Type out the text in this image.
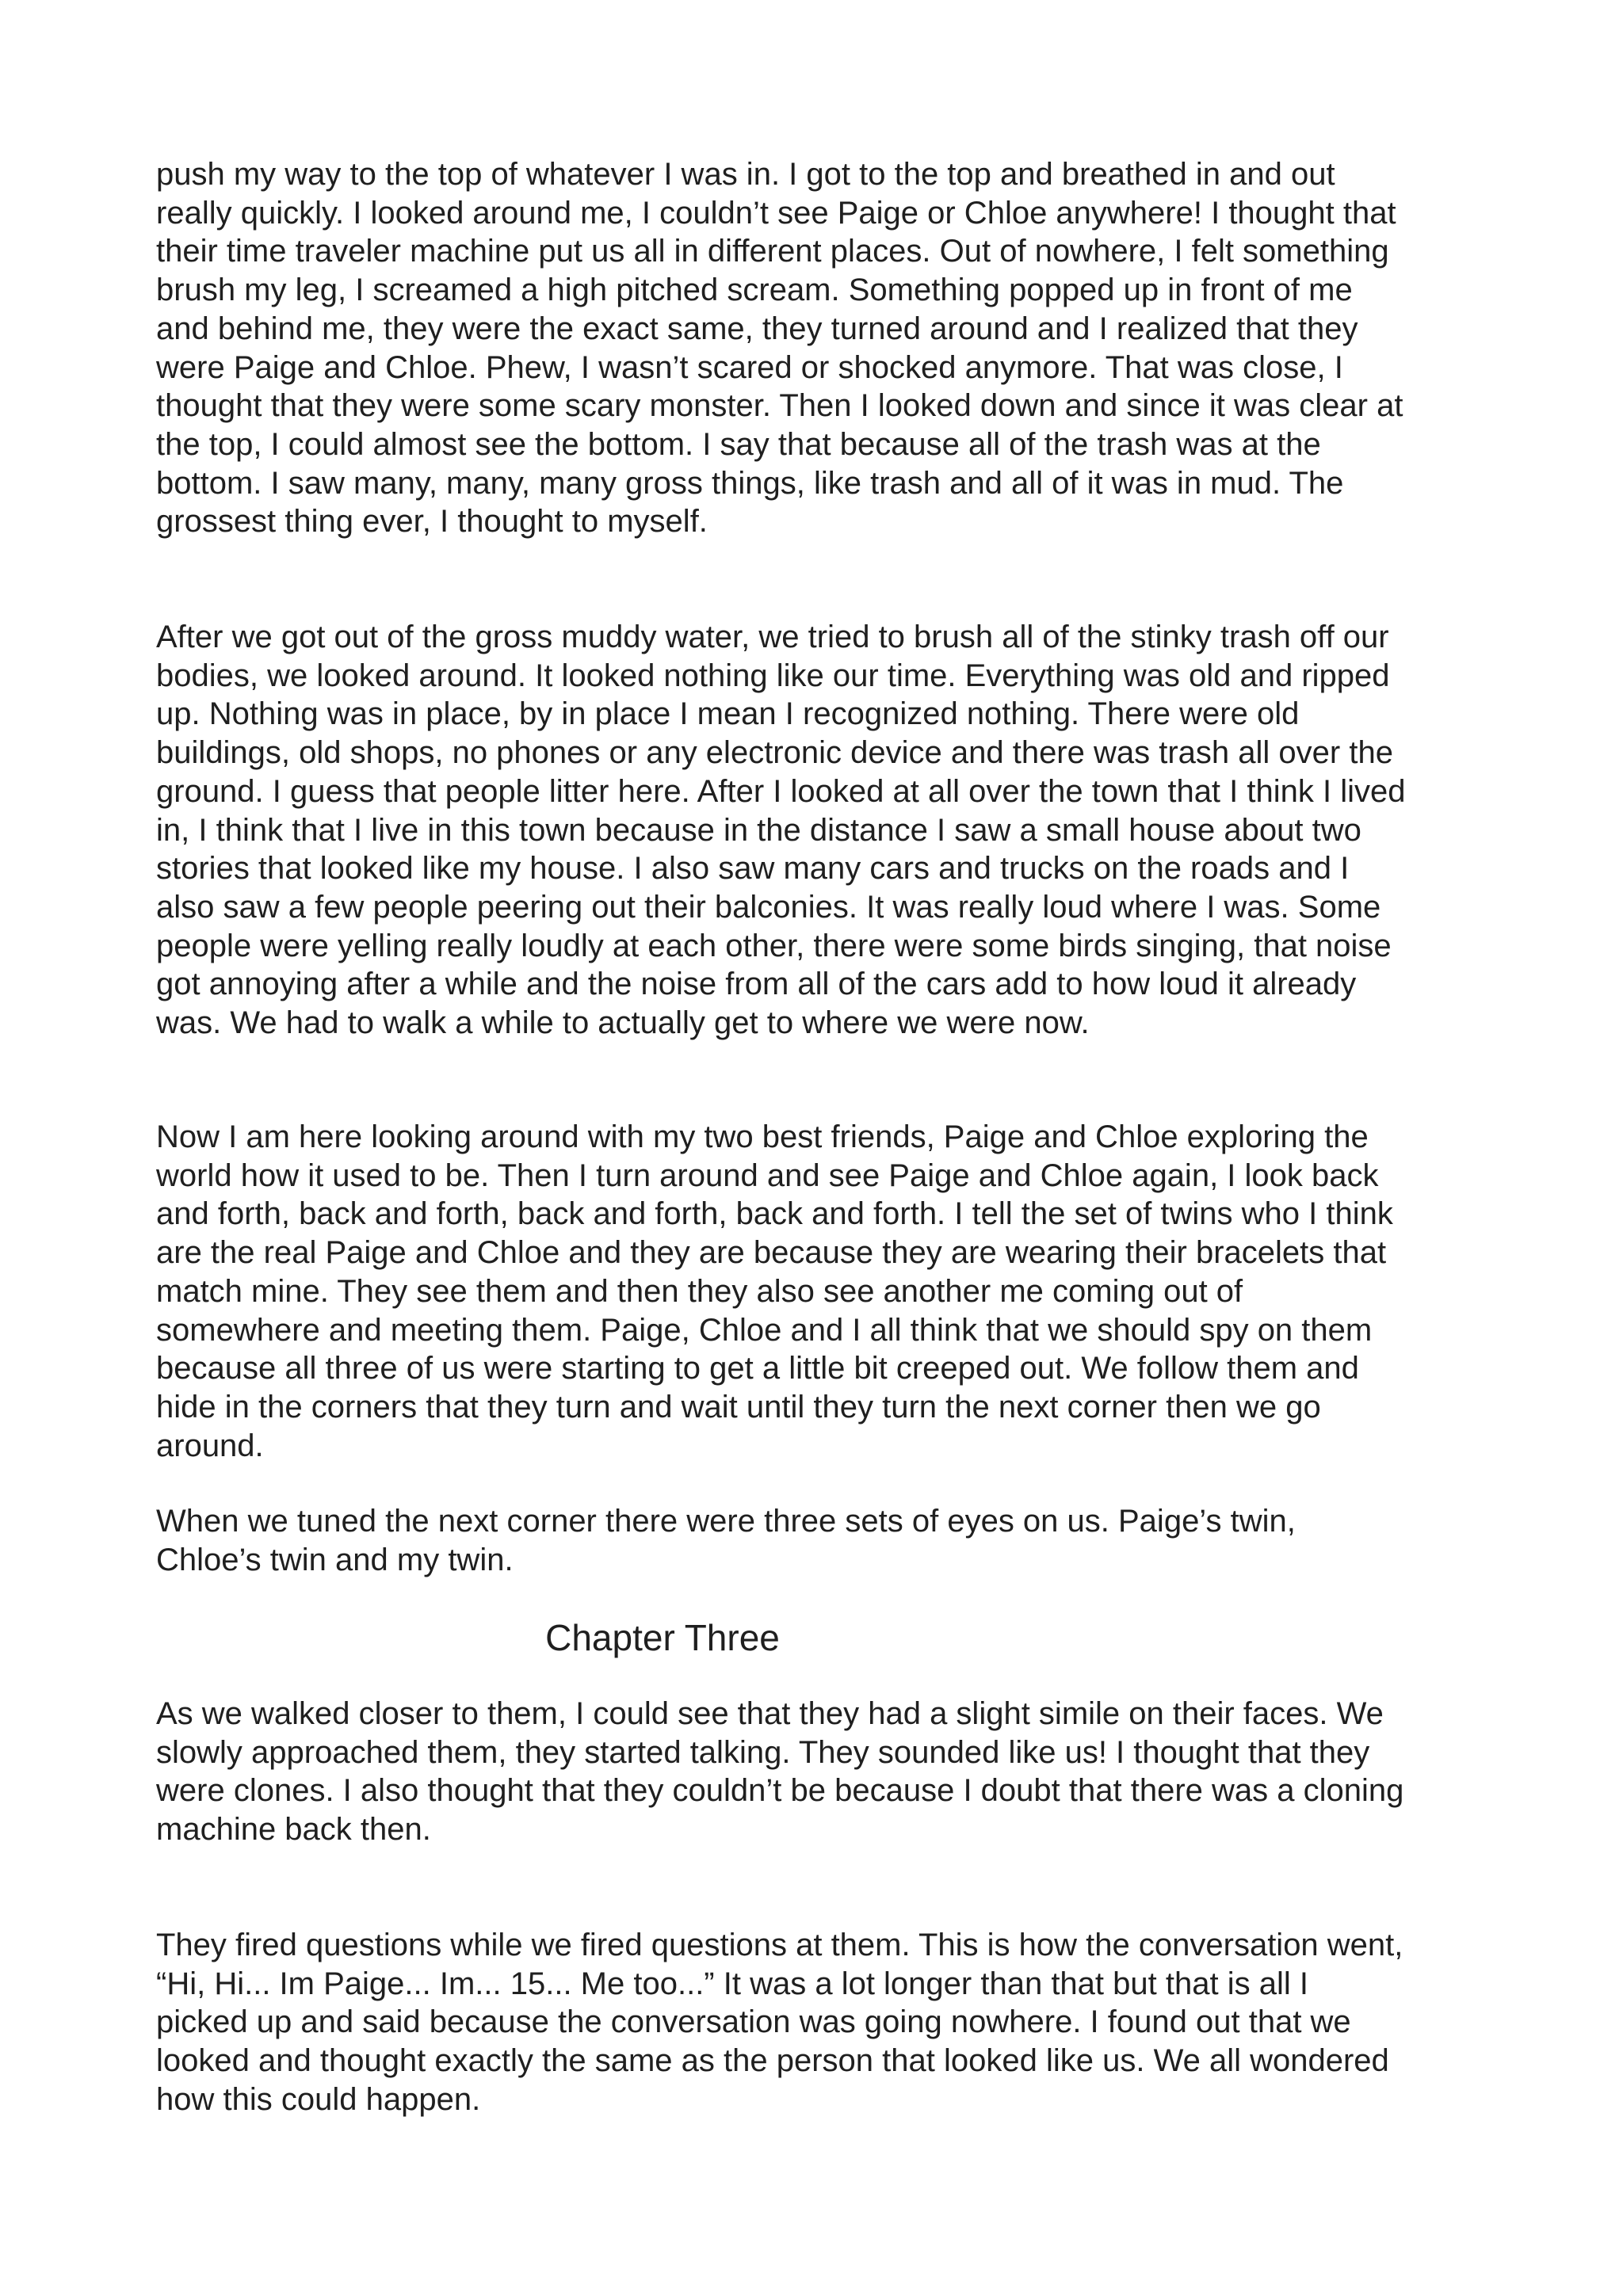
push my way to the top of whatever I was in. I got to the top and breathed in and out really quickly. I looked around me, I couldn’t see Paige or Chloe anywhere! I thought that their time traveler machine put us all in different places. Out of nowhere, I felt something brush my leg, I screamed a high pitched scream. Something popped up in front of me and behind me, they were the exact same, they turned around and I realized that they were Paige and Chloe. Phew, I wasn’t scared or shocked anymore. That was close, I thought that they were some scary monster. Then I looked down and since it was clear at the top, I could almost see the bottom. I say that because all of the trash was at the bottom. I saw many, many, many gross things, like trash and all of it was in mud. The grossest thing ever, I thought to myself.

After we got out of the gross muddy water, we tried to brush all of the stinky trash off our bodies, we looked around. It looked nothing like our time. Everything was old and ripped up. Nothing was in place, by in place I mean I recognized nothing. There were old buildings, old shops, no phones or any electronic device and there was trash all over the ground. I guess that people litter here. After I looked at all over the town that I think I lived in, I think that I live in this town because in the distance I saw a small house about two stories that looked like my house. I also saw many cars and trucks on the roads and I also saw a few people peering out their balconies. It was really loud where I was. Some people were yelling really loudly at each other, there were some birds singing, that noise got annoying after a while and the noise from all of the cars add to how loud it already was. We had to walk a while to actually get to where we were now.

Now I am here looking around with my two best friends, Paige and Chloe exploring the world how it used to be. Then I turn around and see Paige and Chloe again, I look back and forth, back and forth, back and forth, back and forth. I tell the set of twins who I think are the real Paige and Chloe and they are because they are wearing their bracelets that match mine. They see them and then they also see another me coming out of somewhere and meeting them. Paige, Chloe and I all think that we should spy on them because all three of us were starting to get a little bit creeped out. We follow them and hide in the corners that they turn and wait until they turn the next corner then we go around.

When we tuned the next corner there were three sets of eyes on us. Paige’s twin, Chloe’s twin and my twin.

Chapter Three

As we walked closer to them, I could see that they had a slight simile on their faces. We slowly approached them, they started talking. They sounded like us! I thought that they were clones. I also thought that they couldn’t be because I doubt that there was a cloning machine back then.

They fired questions while we fired questions at them. This is how the conversation went, “Hi, Hi... Im Paige... Im... 15... Me too...” It was a lot longer than that but that is all I picked up and said because the conversation was going nowhere. I found out that we looked and thought exactly the same as the person that looked like us. We all wondered how this could happen.
